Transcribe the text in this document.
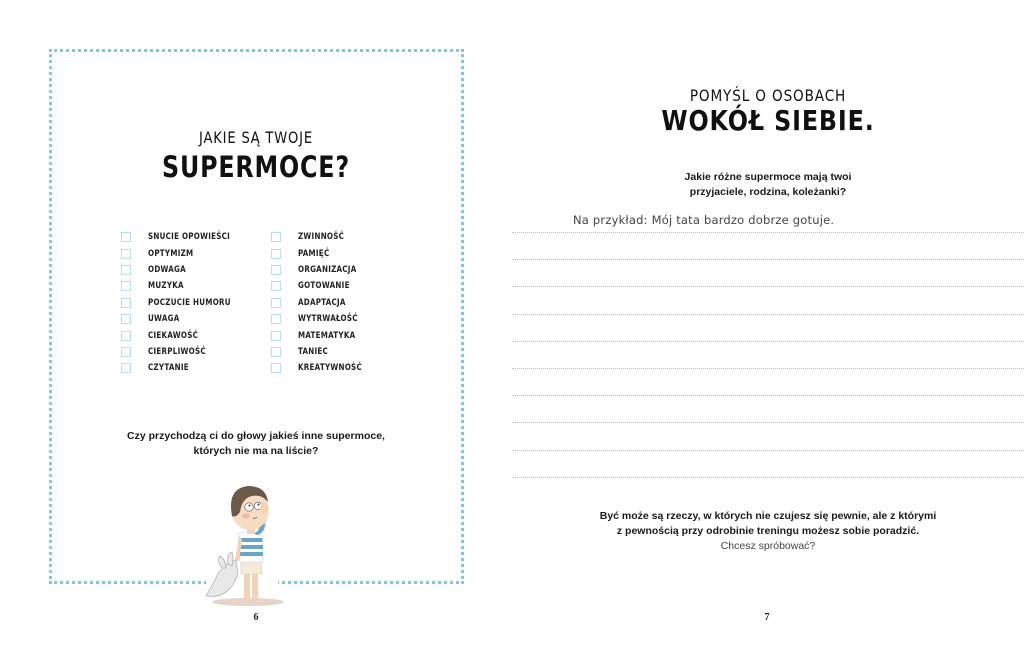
JAKIE SĄ TWOJE
SUPERMOCE?
SNUCIE OPOWIEŚCI
OPTYMIZM
ODWAGA
MUZYKA
POCZUCIE HUMORU
UWAGA
CIEKAWOŚĆ
CIERPLIWOŚĆ
CZYTANIE
ZWINNOŚĆ
PAMIĘĆ
ORGANIZACJA
GOTOWANIE
ADAPTACJA
WYTRWAŁOŚĆ
MATEMATYKA
TANIEC
KREATYWNOŚĆ
Czy przychodzą ci do głowy jakieś inne supermoce,
których nie ma na liście?
6
POMYŚL O OSOBACH
WOKÓŁ SIEBIE.
Jakie różne supermoce mają twoi
przyjaciele, rodzina, koleżanki?
Na przykład: Mój tata bardzo dobrze gotuje.
Być może są rzeczy, w których nie czujesz się pewnie, ale z którymi
z pewnością przy odrobinie treningu możesz sobie poradzić.
Chcesz spróbować?
7
